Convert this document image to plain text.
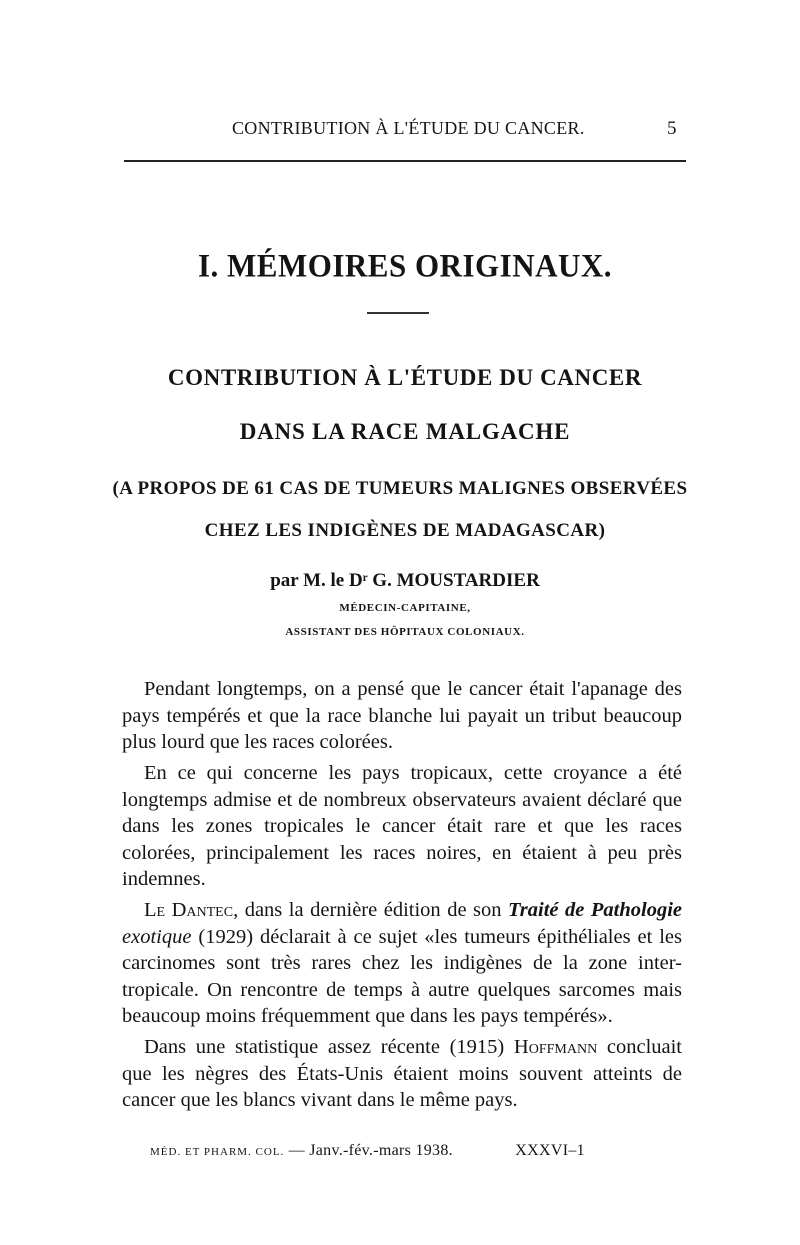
CONTRIBUTION À L'ÉTUDE DU CANCER.	5
I. MÉMOIRES ORIGINAUX.
CONTRIBUTION À L'ÉTUDE DU CANCER
DANS LA RACE MALGACHE
(A PROPOS DE 61 CAS DE TUMEURS MALIGNES OBSERVÉES
CHEZ LES INDIGÈNES DE MADAGASCAR)
par M. le Dʳ G. MOUSTARDIER
MÉDECIN-CAPITAINE,
ASSISTANT DES HÔPITAUX COLONIAUX.

Pendant longtemps, on a pensé que le cancer était l'apanage des pays tempérés et que la race blanche lui payait un tribut beaucoup plus lourd que les races colorées.

En ce qui concerne les pays tropicaux, cette croyance a été longtemps admise et de nombreux observateurs avaient déclaré que dans les zones tropicales le cancer était rare et que les races colorées, principalement les races noires, en étaient à peu près indemnes.

Le Dantec, dans la dernière édition de son Traité de Pathologie exotique (1929) déclarait à ce sujet «les tumeurs épithéliales et les carcinomes sont très rares chez les indigènes de la zone inter-tropicale. On rencontre de temps à autre quelques sarcomes mais beaucoup moins fréquemment que dans les pays tempérés».

Dans une statistique assez récente (1915) Hoffmann concluait que les nègres des États-Unis étaient moins souvent atteints de cancer que les blancs vivant dans le même pays.

MÉD. ET PHARM. COL. — Janv.-fév.-mars 1938.	XXXVI–1
